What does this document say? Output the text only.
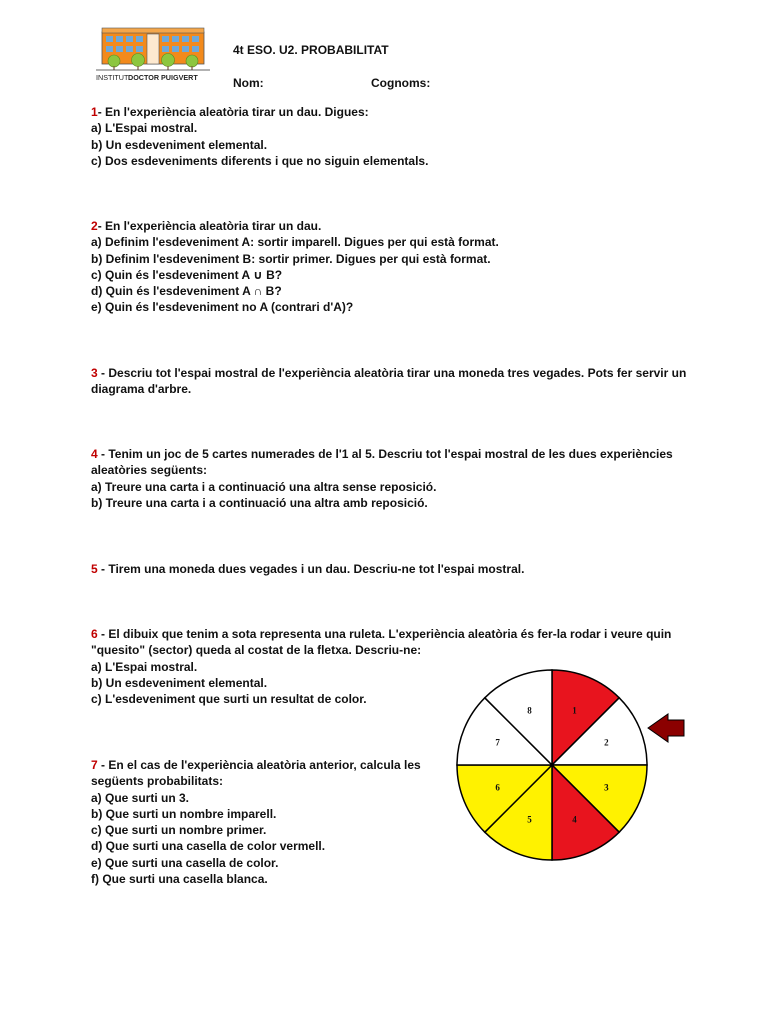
INSTITUT DOCTOR PUIGVERT
4t ESO. U2. PROBABILITAT
Nom:	Cognoms:
1- En l'experiència aleatòria tirar un dau. Digues:
a) L'Espai mostral.
b) Un esdeveniment elemental.
c) Dos esdeveniments diferents i que no siguin elementals.
2- En l'experiència aleatòria tirar un dau.
a) Definim l'esdeveniment A: sortir imparell. Digues per qui està format.
b) Definim l'esdeveniment B: sortir primer. Digues per qui està format.
c) Quin és l'esdeveniment A ∪ B?
d) Quin és l'esdeveniment A ∩ B?
e) Quin és l'esdeveniment no A (contrari d'A)?
3 - Descriu tot l'espai mostral de l'experiència aleatòria tirar una moneda tres vegades. Pots fer servir un diagrama d'arbre.
4 - Tenim un joc de 5 cartes numerades de l'1 al 5. Descriu tot l'espai mostral de les dues experiències aleatòries següents:
a) Treure una carta i a continuació una altra sense reposició.
b) Treure una carta i a continuació una altra amb reposició.
5 - Tirem una moneda dues vegades i un dau. Descriu-ne tot l'espai mostral.
6 - El dibuix que tenim a sota representa una ruleta. L'experiència aleatòria és fer-la rodar i veure quin "quesito" (sector) queda al costat de la fletxa. Descriu-ne:
a) L'Espai mostral.
b) Un esdeveniment elemental.
c) L'esdeveniment que surti un resultat de color.
7 - En el cas de l'experiència aleatòria anterior, calcula les següents probabilitats:
a) Que surti un 3.
b) Que surti un nombre imparell.
c) Que surti un nombre primer.
d) Que surti una casella de color vermell.
e) Que surti una casella de color.
f) Que surti una casella blanca.
1
2
3
4
5
6
7
8
